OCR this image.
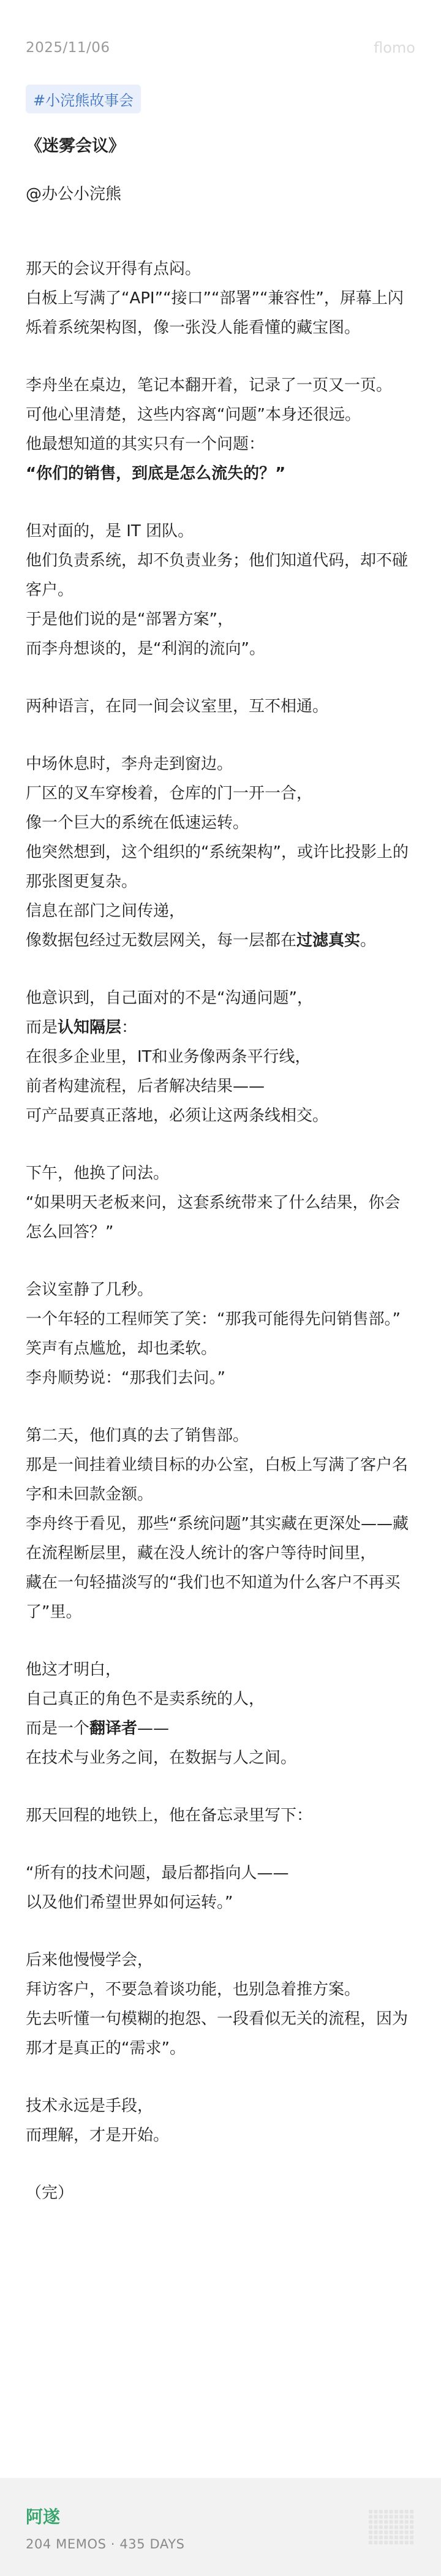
2025/11/06	flomo
#小浣熊故事会

《迷雾会议》

@办公小浣熊

那天的会议开得有点闷。
白板上写满了“API”“接口”“部署”“兼容性”，屏幕上闪烁着系统架构图，像一张没人能看懂的藏宝图。

李舟坐在桌边，笔记本翻开着，记录了一页又一页。
可他心里清楚，这些内容离“问题”本身还很远。
他最想知道的其实只有一个问题：
“你们的销售，到底是怎么流失的？”

但对面的，是 IT 团队。
他们负责系统，却不负责业务；他们知道代码，却不碰客户。
于是他们说的是“部署方案”，
而李舟想谈的，是“利润的流向”。

两种语言，在同一间会议室里，互不相通。

中场休息时，李舟走到窗边。
厂区的叉车穿梭着，仓库的门一开一合，
像一个巨大的系统在低速运转。
他突然想到，这个组织的“系统架构”，或许比投影上的那张图更复杂。
信息在部门之间传递，
像数据包经过无数层网关，每一层都在过滤真实。

他意识到，自己面对的不是“沟通问题”，
而是认知隔层：
在很多企业里，IT和业务像两条平行线，
前者构建流程，后者解决结果——
可产品要真正落地，必须让这两条线相交。

下午，他换了问法。
“如果明天老板来问，这套系统带来了什么结果，你会怎么回答？”

会议室静了几秒。
一个年轻的工程师笑了笑：“那我可能得先问销售部。”
笑声有点尴尬，却也柔软。
李舟顺势说：“那我们去问。”

第二天，他们真的去了销售部。
那是一间挂着业绩目标的办公室，白板上写满了客户名字和未回款金额。
李舟终于看见，那些“系统问题”其实藏在更深处——藏在流程断层里，藏在没人统计的客户等待时间里，
藏在一句轻描淡写的“我们也不知道为什么客户不再买了”里。

他这才明白，
自己真正的角色不是卖系统的人，
而是一个翻译者——
在技术与业务之间，在数据与人之间。

那天回程的地铁上，他在备忘录里写下：

“所有的技术问题，最后都指向人——
以及他们希望世界如何运转。”

后来他慢慢学会，
拜访客户，不要急着谈功能，也别急着推方案。
先去听懂一句模糊的抱怨、一段看似无关的流程，因为那才是真正的“需求”。

技术永远是手段，
而理解，才是开始。

（完）

阿遂
204 MEMOS · 435 DAYS
